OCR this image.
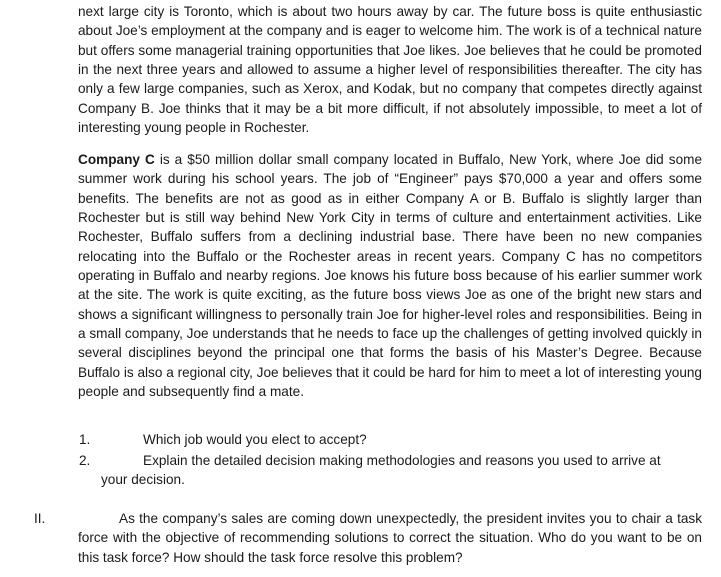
next large city is Toronto, which is about two hours away by car. The future boss is quite enthusiastic about Joe’s employment at the company and is eager to welcome him. The work is of a technical nature but offers some managerial training opportunities that Joe likes. Joe believes that he could be promoted in the next three years and allowed to assume a higher level of responsibilities thereafter. The city has only a few large companies, such as Xerox, and Kodak, but no company that competes directly against Company B. Joe thinks that it may be a bit more difficult, if not absolutely impossible, to meet a lot of interesting young people in Rochester.

Company C is a $50 million dollar small company located in Buffalo, New York, where Joe did some summer work during his school years. The job of “Engineer” pays $70,000 a year and offers some benefits. The benefits are not as good as in either Company A or B. Buffalo is slightly larger than Rochester but is still way behind New York City in terms of culture and entertainment activities. Like Rochester, Buffalo suffers from a declining industrial base. There have been no new companies relocating into the Buffalo or the Rochester areas in recent years. Company C has no competitors operating in Buffalo and nearby regions. Joe knows his future boss because of his earlier summer work at the site. The work is quite exciting, as the future boss views Joe as one of the bright new stars and shows a significant willingness to personally train Joe for higher-level roles and responsibilities. Being in a small company, Joe understands that he needs to face up the challenges of getting involved quickly in several disciplines beyond the principal one that forms the basis of his Master’s Degree. Because Buffalo is also a regional city, Joe believes that it could be hard for him to meet a lot of interesting young people and subsequently find a mate.

1.	Which job would you elect to accept?
2.	Explain the detailed decision making methodologies and reasons you used to arrive at
your decision.
II.	As the company’s sales are coming down unexpectedly, the president invites you to chair a task force with the objective of recommending solutions to correct the situation. Who do you want to be on this task force? How should the task force resolve this problem?
